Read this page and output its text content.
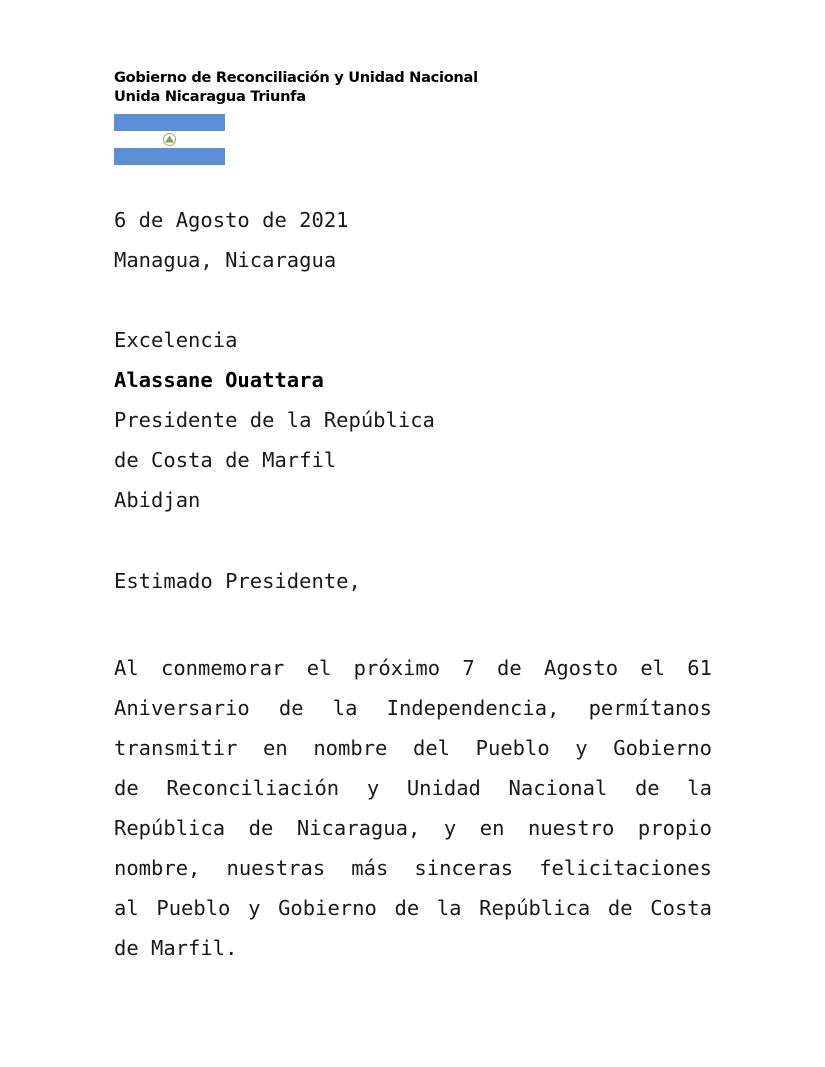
Gobierno de Reconciliación y Unidad Nacional
Unida Nicaragua Triunfa
6 de Agosto de 2021
Managua, Nicaragua
Excelencia
Alassane Ouattara
Presidente de la República
de Costa de Marfil
Abidjan
Estimado Presidente,
Al conmemorar el próximo 7 de Agosto el 61
Aniversario de la Independencia, permítanos
transmitir en nombre del Pueblo y Gobierno
de Reconciliación y Unidad Nacional de la
República de Nicaragua, y en nuestro propio
nombre, nuestras más sinceras felicitaciones
al Pueblo y Gobierno de la República de Costa
de Marfil.
